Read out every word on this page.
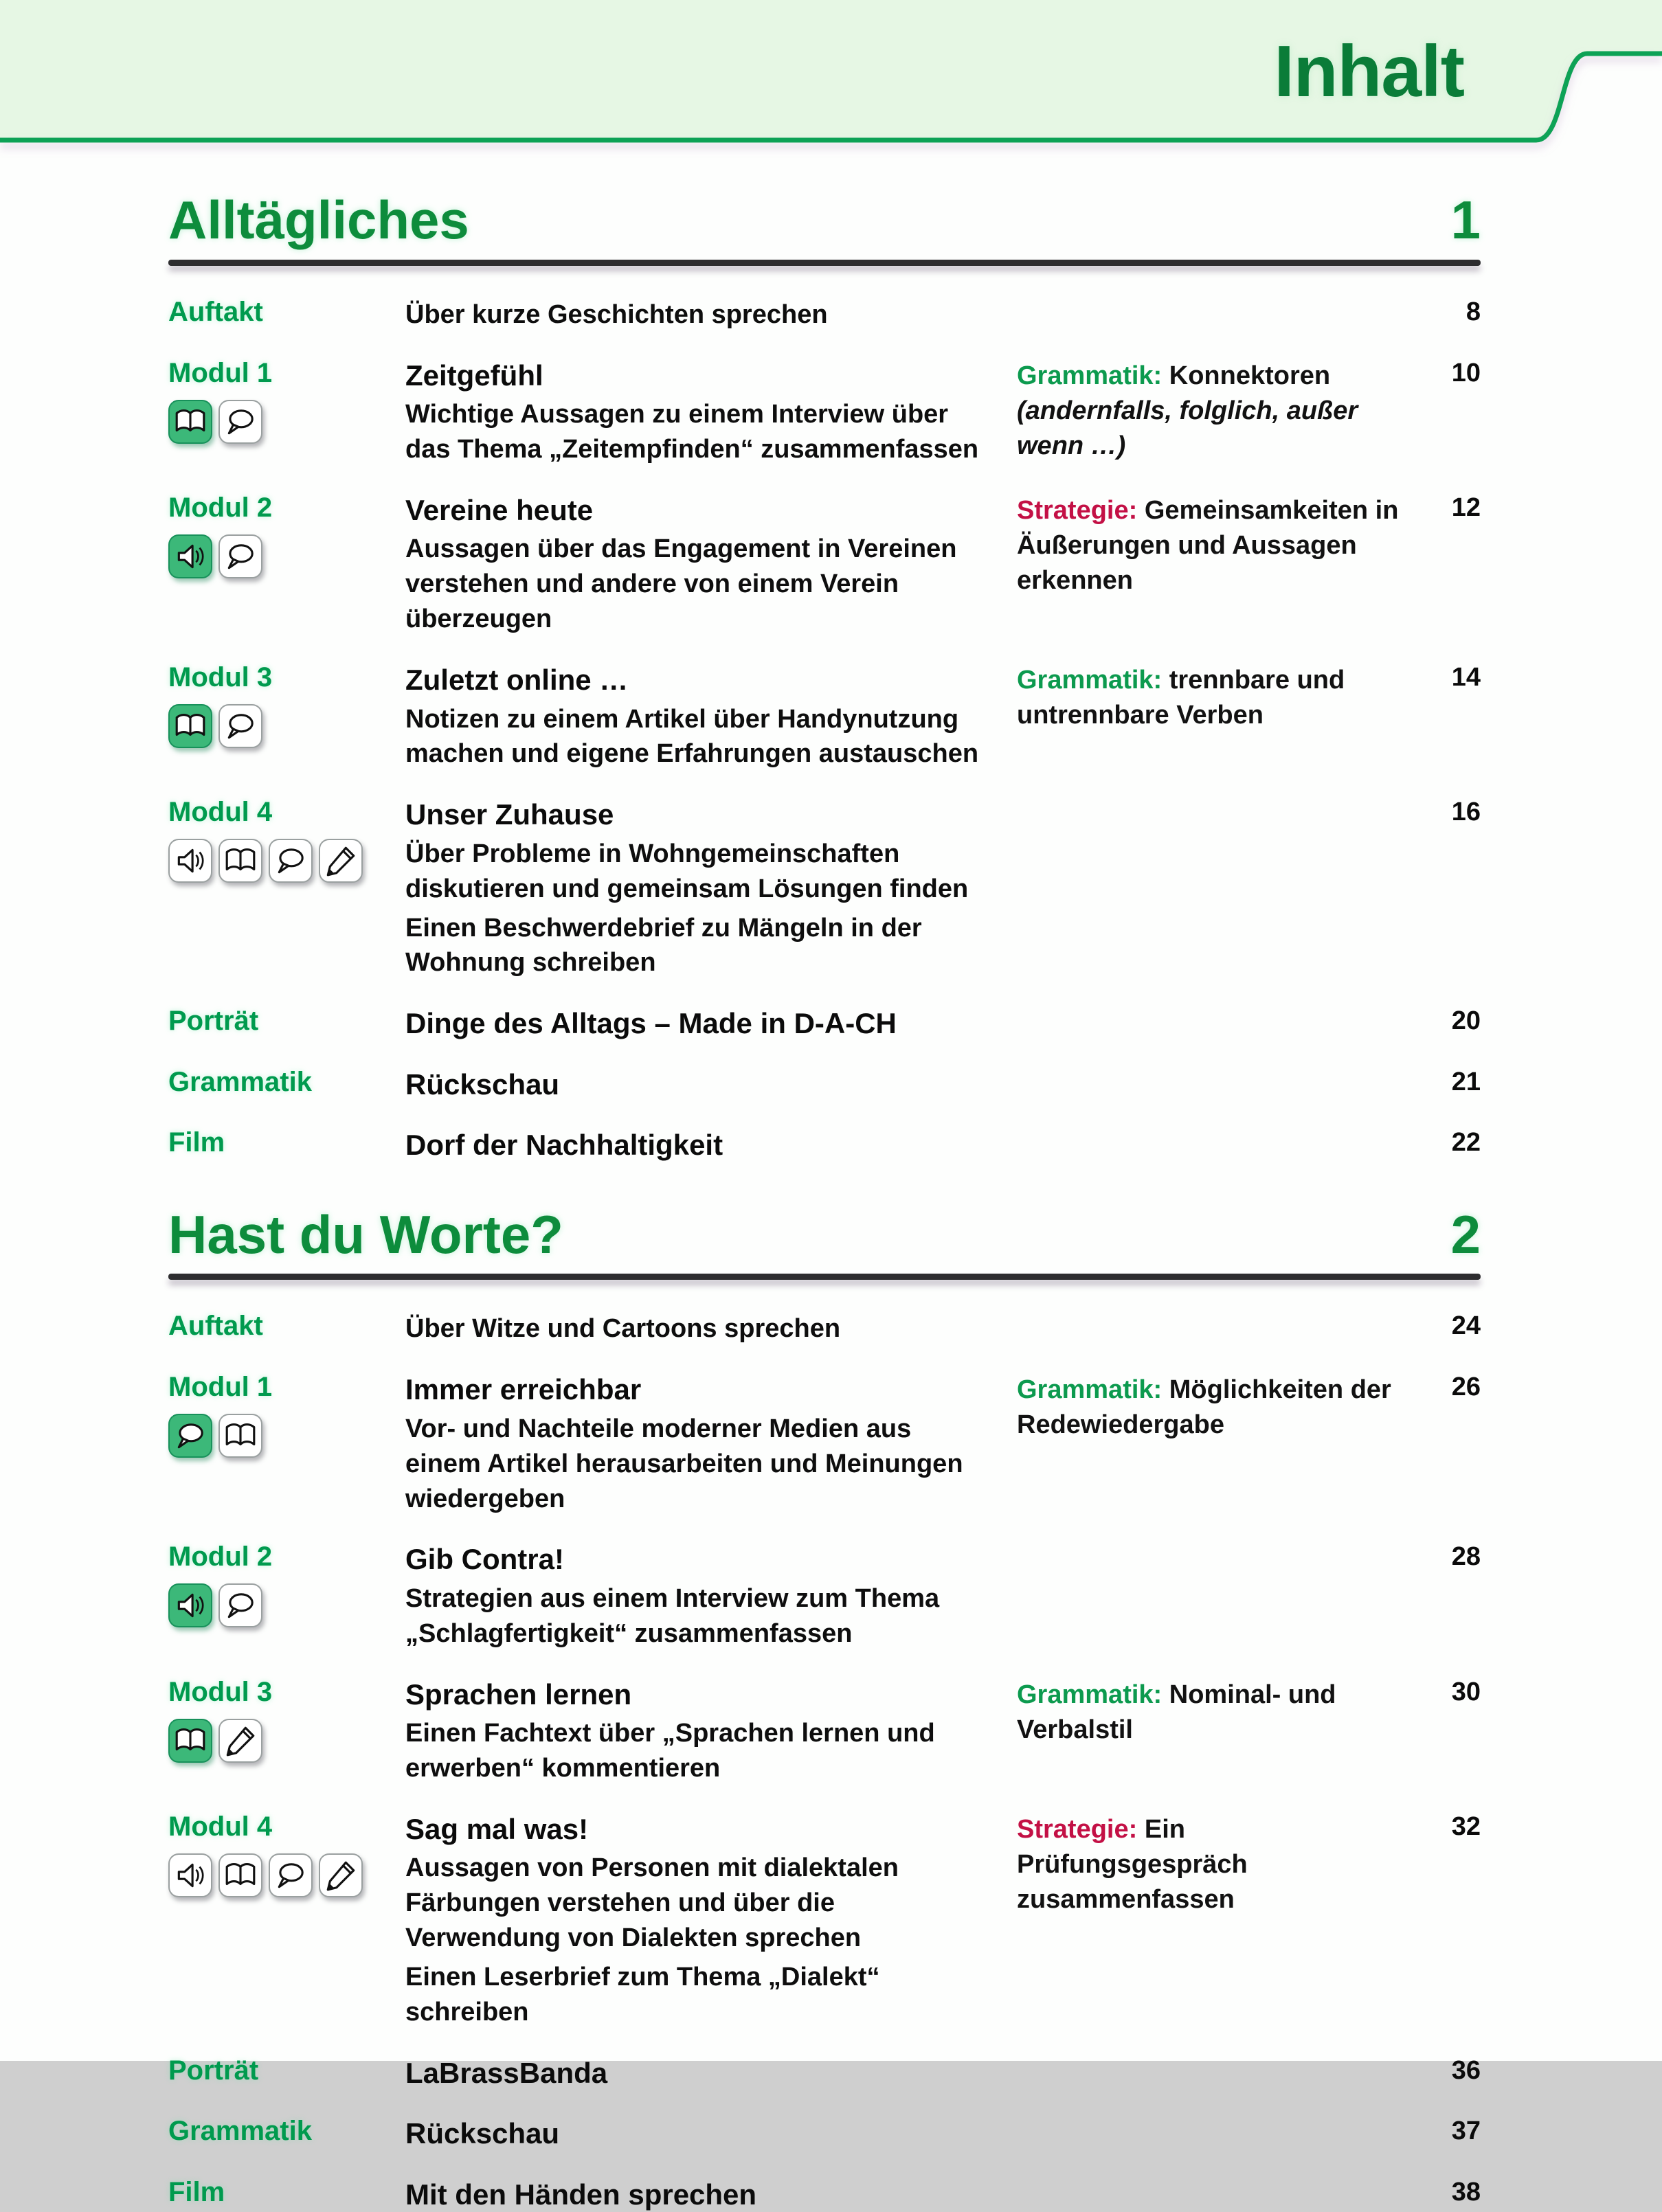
Inhalt
Alltägliches	1
Auftakt	Über kurze Geschichten sprechen	8
Modul 1	Zeitgefühl
Wichtige Aussagen zu einem Interview über das Thema „Zeitempfinden“ zusammenfassen
Grammatik: Konnektoren
(andernfalls, folglich, außer wenn …)
10
Modul 2	Vereine heute
Aussagen über das Engagement in Vereinen verstehen und andere von einem Verein überzeugen
Strategie: Gemeinsamkeiten in Äußerungen und Aussagen erkennen
12
Modul 3	Zuletzt online …
Notizen zu einem Artikel über Handynutzung machen und eigene Erfahrungen austauschen
Grammatik: trennbare und untrennbare Verben
14
Modul 4	Unser Zuhause
Über Probleme in Wohngemeinschaften diskutieren und gemeinsam Lösungen finden
Einen Beschwerdebrief zu Mängeln in der Wohnung schreiben
16
Porträt	Dinge des Alltags – Made in D-A-CH	20
Grammatik	Rückschau	21
Film	Dorf der Nachhaltigkeit	22
Hast du Worte?	2
Auftakt	Über Witze und Cartoons sprechen	24
Modul 1	Immer erreichbar
Vor- und Nachteile moderner Medien aus einem Artikel herausarbeiten und Meinungen wiedergeben
Grammatik: Möglichkeiten der Redewiedergabe
26
Modul 2	Gib Contra!
Strategien aus einem Interview zum Thema „Schlagfertigkeit“ zusammenfassen
28
Modul 3	Sprachen lernen
Einen Fachtext über „Sprachen lernen und erwerben“ kommentieren
Grammatik: Nominal- und Verbalstil
30
Modul 4	Sag mal was!
Aussagen von Personen mit dialektalen Färbungen verstehen und über die Verwendung von Dialekten sprechen
Einen Leserbrief zum Thema „Dialekt“ schreiben
Strategie: Ein Prüfungsgespräch zusammenfassen
32
Porträt	LaBrassBanda	36
Grammatik	Rückschau	37
Film	Mit den Händen sprechen	38
